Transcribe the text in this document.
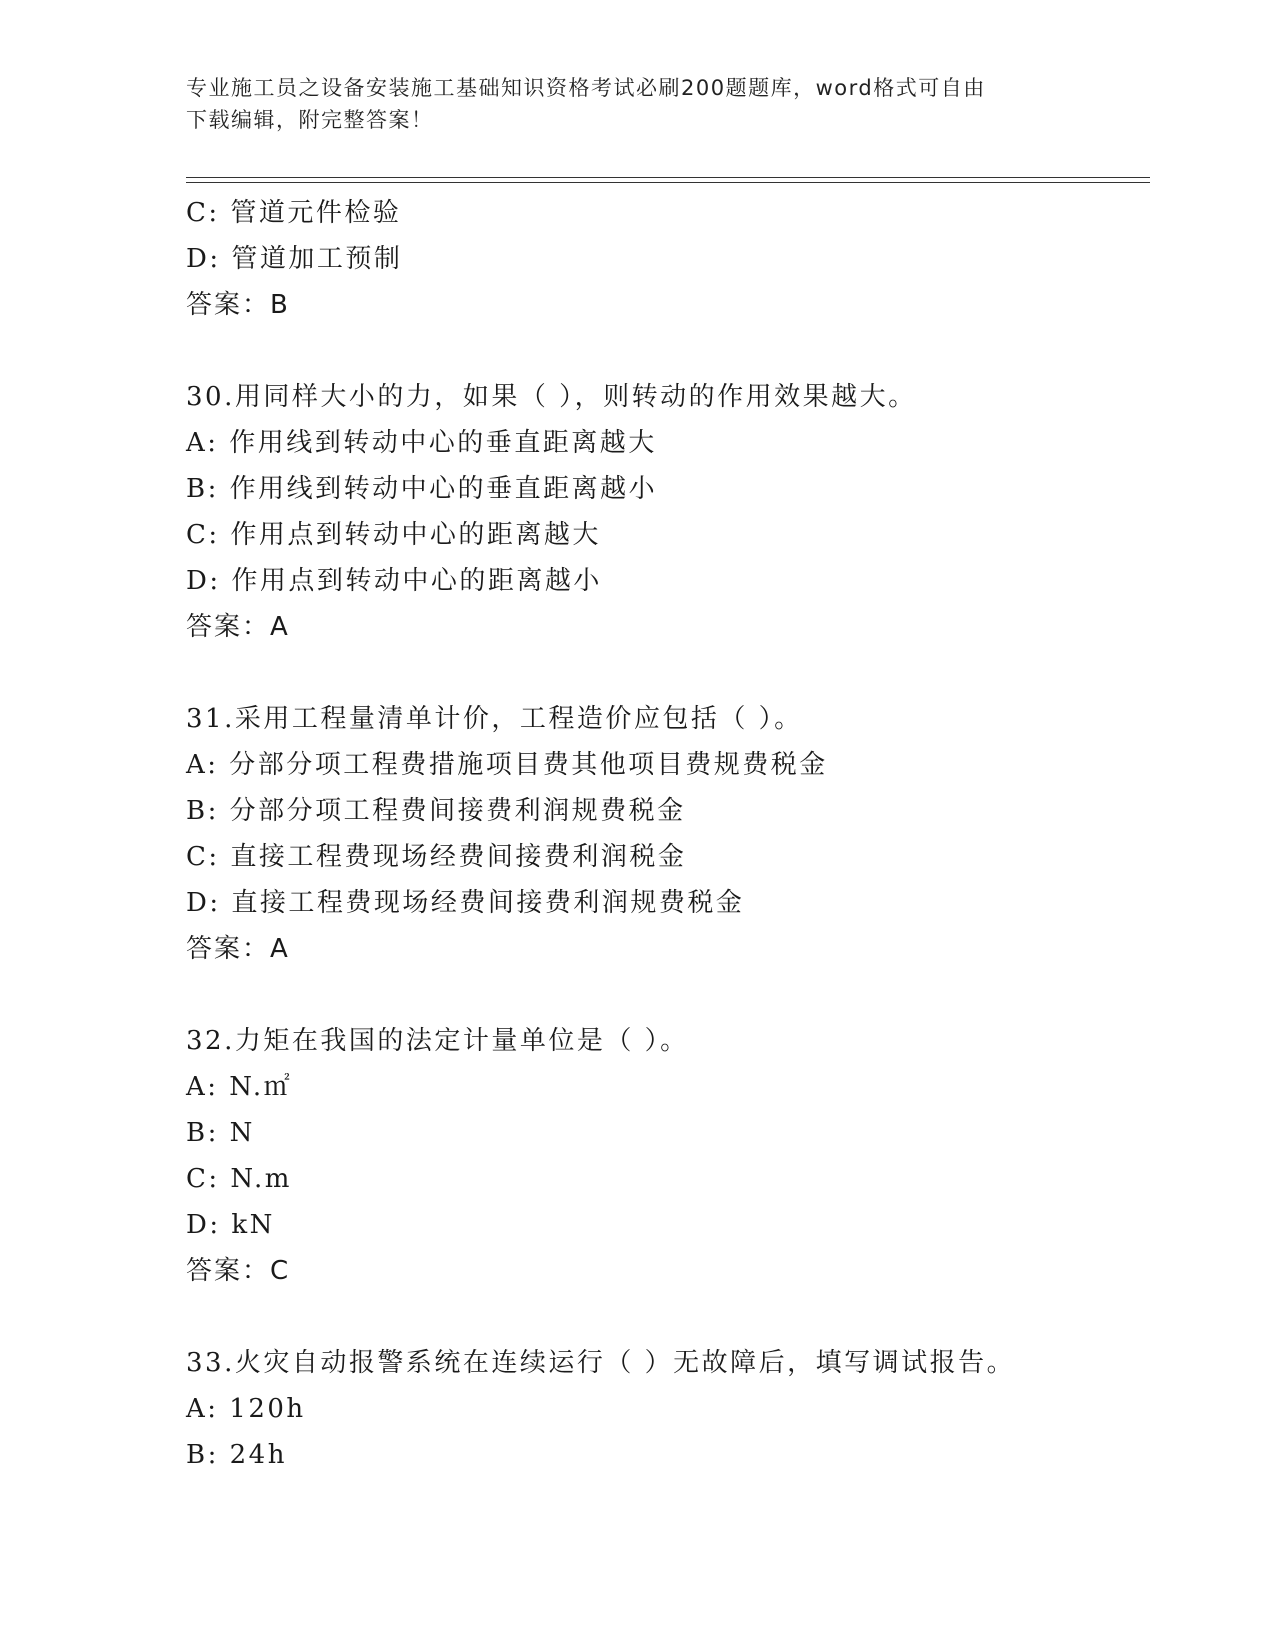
专业施工员之设备安装施工基础知识资格考试必刷200题题库，word格式可自由
下载编辑，附完整答案！
C: 管道元件检验
D: 管道加工预制
答案：B
30.用同样大小的力，如果（ ），则转动的作用效果越大。
A: 作用线到转动中心的垂直距离越大
B: 作用线到转动中心的垂直距离越小
C: 作用点到转动中心的距离越大
D: 作用点到转动中心的距离越小
答案：A
31.采用工程量清单计价，工程造价应包括（ ）。
A: 分部分项工程费措施项目费其他项目费规费税金
B: 分部分项工程费间接费利润规费税金
C: 直接工程费现场经费间接费利润税金
D: 直接工程费现场经费间接费利润规费税金
答案：A
32.力矩在我国的法定计量单位是（ ）。
A: N.㎡
B: N
C: N.m
D: kN
答案：C
33.火灾自动报警系统在连续运行（ ）无故障后，填写调试报告。
A: 120h
B: 24h
